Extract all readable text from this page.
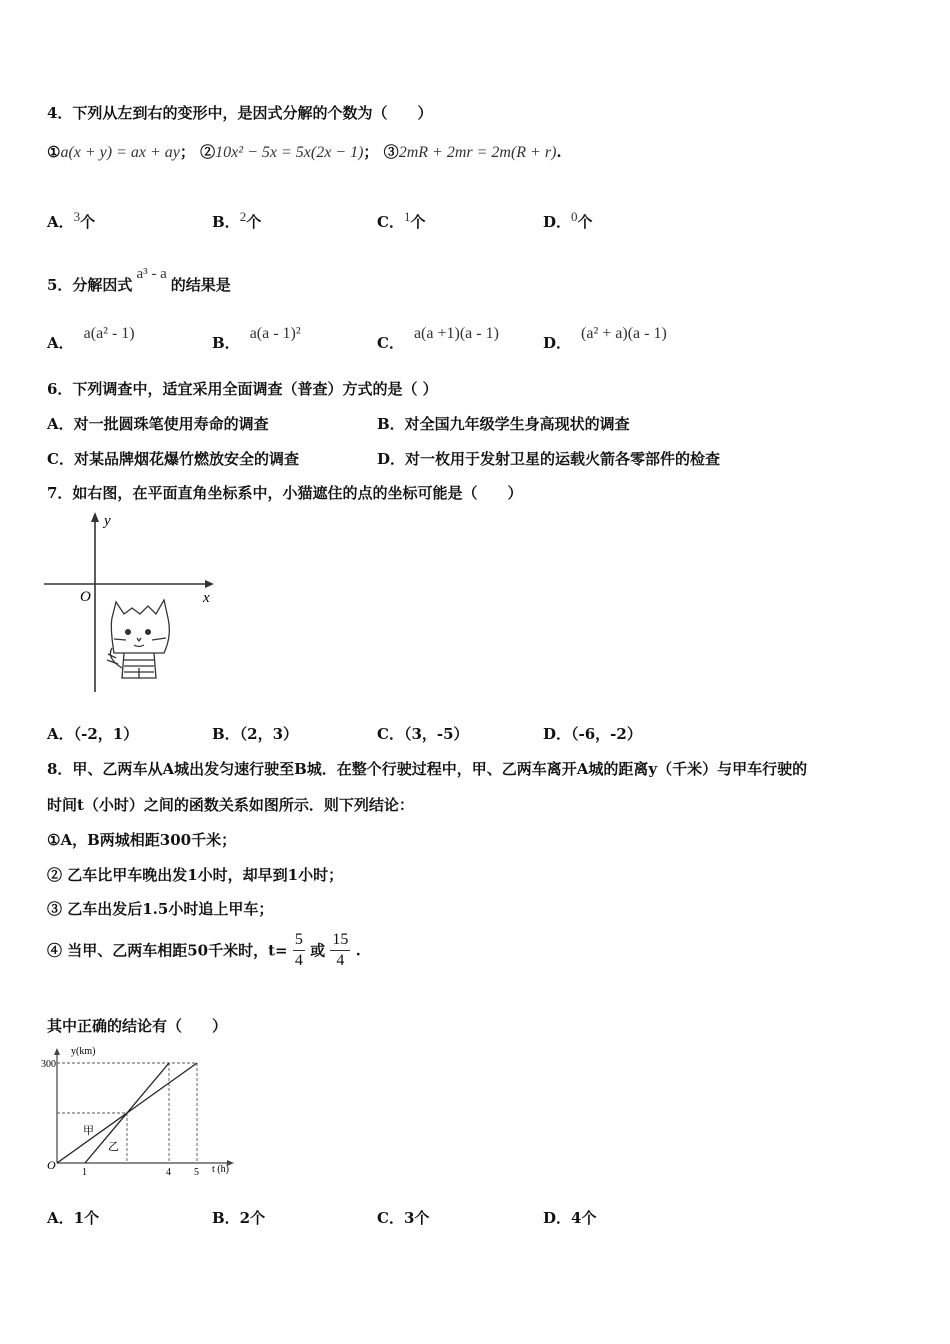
4．下列从左到右的变形中，是因式分解的个数为（　　）
①a(x + y) = ax + ay； ②10x² − 5x = 5x(2x − 1)； ③2mR + 2mr = 2m(R + r).
A．$^3$个	B．$^2$个	C．$^1$个	D．$^0$个
5．分解因式a³ - a的结果是
A．a(a² - 1)
B．a(a - 1)²
C．a(a +1)(a - 1)
D．(a² + a)(a - 1)
6．下列调查中，适宜采用全面调查（普查）方式的是（ ）
A．对一批圆珠笔使用寿命的调查	B．对全国九年级学生身高现状的调查
C．对某品牌烟花爆竹燃放安全的调查	D．对一枚用于发射卫星的运载火箭各零部件的检查
7．如右图，在平面直角坐标系中，小猫遮住的点的坐标可能是（　　）
y
x
O
A．（-2，1）	B．（2，3）	C．（3，-5）	D．（-6，-2）
8．甲、乙两车从A城出发匀速行驶至B城．在整个行驶过程中，甲、乙两车离开A城的距离y（千米）与甲车行驶的
时间t（小时）之间的函数关系如图所示．则下列结论：
①A，B两城相距300千米；
② 乙车比甲车晚出发1小时，却早到1小时；
③ 乙车出发后1.5小时追上甲车；
④ 当甲、乙两车相距50千米时，$t= \frac{5}{4}$ 或 $\frac{15}{4}$ .
其中正确的结论有（　　）
y(km)
t (h)
O
300
1	4 5
甲
乙
A．1个	B．2个	C．3个	D．4个
